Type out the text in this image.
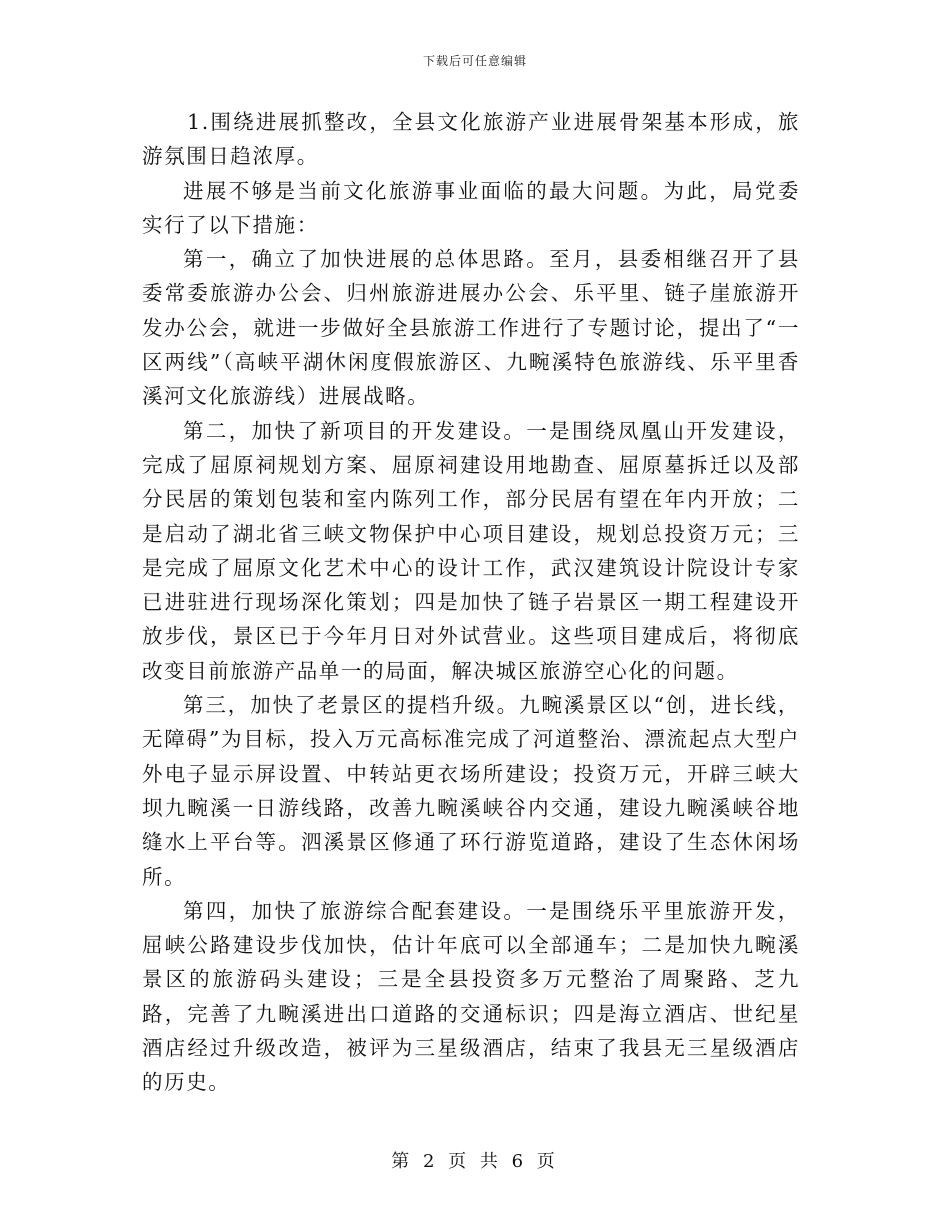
下载后可任意编辑

1.围绕进展抓整改，全县文化旅游产业进展骨架基本形成，旅游氛围日趋浓厚。

进展不够是当前文化旅游事业面临的最大问题。为此，局党委实行了以下措施：

第一，确立了加快进展的总体思路。至月，县委相继召开了县委常委旅游办公会、归州旅游进展办公会、乐平里、链子崖旅游开发办公会，就进一步做好全县旅游工作进行了专题讨论，提出了“一区两线”（高峡平湖休闲度假旅游区、九畹溪特色旅游线、乐平里香溪河文化旅游线）进展战略。

第二，加快了新项目的开发建设。一是围绕凤凰山开发建设，完成了屈原祠规划方案、屈原祠建设用地勘查、屈原墓拆迁以及部分民居的策划包装和室内陈列工作，部分民居有望在年内开放；二是启动了湖北省三峡文物保护中心项目建设，规划总投资万元；三是完成了屈原文化艺术中心的设计工作，武汉建筑设计院设计专家已进驻进行现场深化策划；四是加快了链子岩景区一期工程建设开放步伐，景区已于今年月日对外试营业。这些项目建成后，将彻底改变目前旅游产品单一的局面，解决城区旅游空心化的问题。

第三，加快了老景区的提档升级。九畹溪景区以“创，进长线，无障碍”为目标，投入万元高标准完成了河道整治、漂流起点大型户外电子显示屏设置、中转站更衣场所建设；投资万元，开辟三峡大坝九畹溪一日游线路，改善九畹溪峡谷内交通，建设九畹溪峡谷地缝水上平台等。泗溪景区修通了环行游览道路，建设了生态休闲场所。

第四，加快了旅游综合配套建设。一是围绕乐平里旅游开发，屈峡公路建设步伐加快，估计年底可以全部通车；二是加快九畹溪景区的旅游码头建设；三是全县投资多万元整治了周聚路、芝九路，完善了九畹溪进出口道路的交通标识；四是海立酒店、世纪星酒店经过升级改造，被评为三星级酒店，结束了我县无三星级酒店的历史。

第 2 页 共 6 页
